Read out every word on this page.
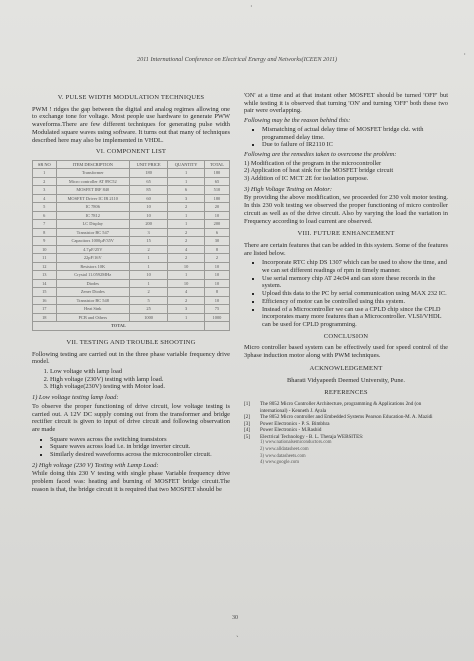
2011 International Conference on Electrical Energy and Networks(ICEEN 2011)
V. PULSE WIDTH MODULATION TECHNIQUES

PWM ! ridges the gap between the digital and analog regimes allowing one to exchange tone for voltage. Most people use hardware to generate PWW waveforms.There are few different techniques for generating pulse width Modulated square waves using software. It turns out that many of techniques described here may also be implemented in VHDL.

VI. COMPONENT LIST
SR NO	ITEM DESCRIPTION	UNIT PRICE	QUANTITY	TOTAL
1	Transformer	180	1	180
2	Micro controller AT 89C52	65	1	65
3	MOSFET IRF 840	85	6	510
4	MOSFET Driver IC IR 2110	60	3	180
5	IC 7806	10	2	20
6	IC 7812	10	1	10
7	LC Display	200	1	200
8	Transistor BC 547	3	2	6
9	Capacitors 1000µF/35V	15	2	30
10	4.7µF/25V	2	4	8
11	22pF/16V	1	2	2
12	Resistors 10K	1	10	10
13	Crystal 11.0592MHz	10	1	10
14	Diodes	1	10	10
15	Zener Diodes	2	4	8
16	Transistor BC 548	5	2	10
17	Heat Sink	25	3	75
18	PCB and Others	1000	1	1000
TOTAL				
VII. TESTING AND TROUBLE SHOOTING

Following testing are carried out in the three phase variable frequency drive model.

1. Low voltage with lamp load
2. High voltage (230V) testing with lamp load.
3. High voltage(230V) testing with Motor load.
1) Low voltage testing lamp load:

To observe the proper functioning of drive circuit, low voltage testing is carried out. A 12V DC supply coming out from the transformer and bridge rectifier circuit is given to input of drive circuit and following observation are made

▪ Square waves across the switching transistors
▪ Square waves across load i.e. in bridge inverter circuit.
▪ Similarly desired waveforms across the microcontroller circuit.
2) High voltage (230 V) Testing with Lamp Load:

While doing this 230 V testing with single phase Variable frequency drive problem faced was: heating and burning of MOSFET bridge circuit.The reason is that, the bridge circuit it is required that two MOSFET should be

'ON' at a time and at that instant other MOSFET should be turned 'OFF' but while testing it is observed that turning 'ON' and turning 'OFF' both these two pair were overlapping.

Following may be the reason behind this:
▪ Mismatching of actual delay time of MOSFET bridge ckt. with programmed delay time.
▪ Due to failure of IR2110 IC
Following are the remedies taken to overcome the problem:
1) Modification of the program in the microcontroller
2) Application of heat sink for the MOSFET bridge circuit
3) Addition of IC MCT 2E for isolation purpose.
3) High Voltage Testing on Motor:

By providing the above modification, we proceeded for 230 volt motor testing. In this 230 volt testing we observed the proper functioning of micro controller circuit as well as of the drive circuit. Also by varying the load the variation in Frequency according to load current are observed.

VIII. FUTURE ENHANCEMENT

There are certain features that can be added in this system. Some of the features are listed below.

▪ Incorporate RTC chip DS 1307 which can be used to show the time, and we can set different readings of rpm in timely manner.
▪ Use serial memory chip AT 24c04 and can store these records in the system.
▪ Upload this data to the PC by serial communication using MAX 232 IC.
▪ Efficiency of motor can be controlled using this system.
▪ Instead of a Microcontroller we can use a CPLD chip since the CPLD incorporates many more features than a Microcontroller. VLSI/VHDL can be used for CPLD programming.
CONCLUSION

Micro controller based system can be effectively used for speed control of the 3phase induction motor along with PWM techniques.

ACKNOWLEDGEMENT

Bharati Vidyapeeth Deemed University, Pune.

REFERENCES
[1]	The 8052 Micro Controller Architecture, programming & Applications 2nd (on international) - Kenneth J. Ayala
[2]	The 8052 Micro controller and Embedded Systems Pearson Education-M. A. Mazidi
[3]	Power Electronics - P. S. Bimbhra
[4]	Power Electronics - M.Rashid
[5]	Electrical Technology - B. L. Theraja WEBSITES:
1) www.nationalsemiconductors.com
2) www.alldatasheet.com
3) www.datasheets.com
4) www.google.com
30
·
·
ˎ
